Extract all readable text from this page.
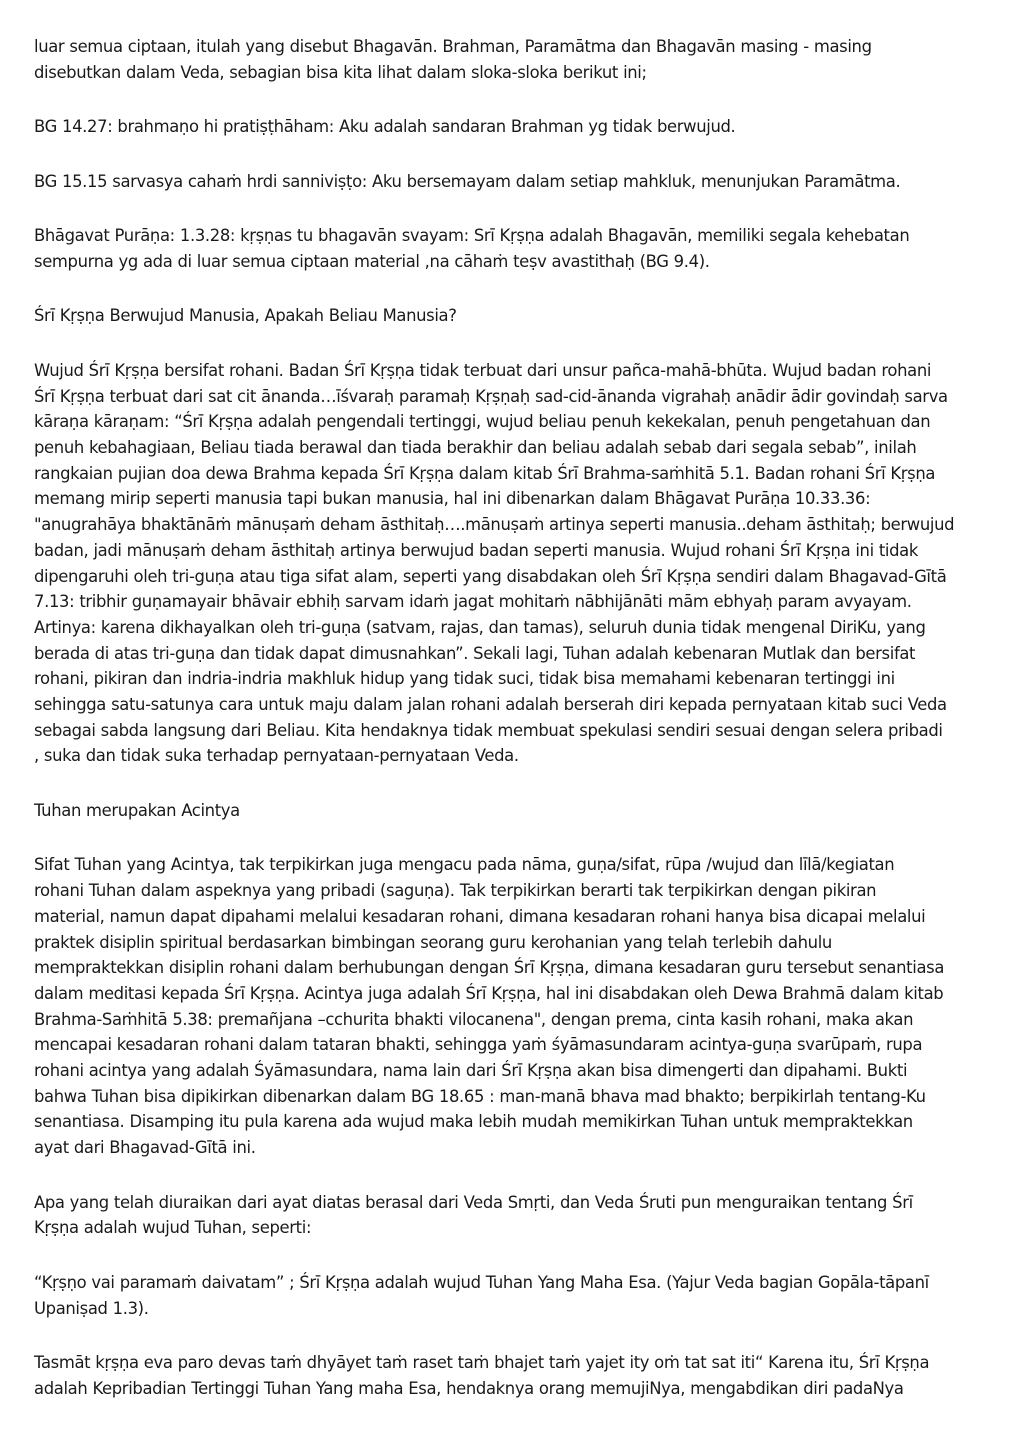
luar semua ciptaan, itulah yang disebut Bhagavān. Brahman, Paramātma dan Bhagavān masing - masing
disebutkan dalam Veda, sebagian bisa kita lihat dalam sloka-sloka berikut ini;

BG 14.27: brahmaṇo hi pratiṣṭhāham: Aku adalah sandaran Brahman yg tidak berwujud.

BG 15.15 sarvasya cahaṁ hrdi sanniviṣṭo: Aku bersemayam dalam setiap mahkluk, menunjukan Paramātma.

Bhāgavat Purāṇa: 1.3.28: kṛṣṇas tu bhagavān svayam: Srī Kṛṣṇa adalah Bhagavān, memiliki segala kehebatan
sempurna yg ada di luar semua ciptaan material ,na cāhaṁ teṣv avastithaḥ (BG 9.4).

Śrī Kṛṣṇa Berwujud Manusia, Apakah Beliau Manusia?

Wujud Śrī Kṛṣṇa bersifat rohani. Badan Śrī Kṛṣṇa tidak terbuat dari unsur pañca-mahā-bhūta. Wujud badan rohani
Śrī Kṛṣṇa terbuat dari sat cit ānanda…īśvaraḥ paramaḥ Kṛṣṇaḥ sad-cid-ānanda vigrahaḥ anādir ādir govindaḥ sarva
kāraṇa kāraṇam: “Śrī Kṛṣṇa adalah pengendali tertinggi, wujud beliau penuh kekekalan, penuh pengetahuan dan
penuh kebahagiaan, Beliau tiada berawal dan tiada berakhir dan beliau adalah sebab dari segala sebab”, inilah
rangkaian pujian doa dewa Brahma kepada Śrī Kṛṣṇa dalam kitab Śrī Brahma-saṁhitā 5.1. Badan rohani Śrī Kṛṣṇa
memang mirip seperti manusia tapi bukan manusia, hal ini dibenarkan dalam Bhāgavat Purāṇa 10.33.36:
"anugrahāya bhaktānāṁ mānuṣaṁ deham āsthitaḥ….mānuṣaṁ artinya seperti manusia..deham āsthitaḥ; berwujud
badan, jadi mānuṣaṁ deham āsthitaḥ artinya berwujud badan seperti manusia. Wujud rohani Śrī Kṛṣṇa ini tidak
dipengaruhi oleh tri-guṇa atau tiga sifat alam, seperti yang disabdakan oleh Śrī Kṛṣṇa sendiri dalam Bhagavad-Gītā
7.13: tribhir guṇamayair bhāvair ebhiḥ sarvam idaṁ jagat mohitaṁ nābhijānāti mām ebhyaḥ param avyayam.
Artinya: karena dikhayalkan oleh tri-guṇa (satvam, rajas, dan tamas), seluruh dunia tidak mengenal DiriKu, yang
berada di atas tri-guṇa dan tidak dapat dimusnahkan”. Sekali lagi, Tuhan adalah kebenaran Mutlak dan bersifat
rohani, pikiran dan indria-indria makhluk hidup yang tidak suci, tidak bisa memahami kebenaran tertinggi ini
sehingga satu-satunya cara untuk maju dalam jalan rohani adalah berserah diri kepada pernyataan kitab suci Veda
sebagai sabda langsung dari Beliau. Kita hendaknya tidak membuat spekulasi sendiri sesuai dengan selera pribadi
, suka dan tidak suka terhadap pernyataan-pernyataan Veda.

Tuhan merupakan Acintya

Sifat Tuhan yang Acintya, tak terpikirkan juga mengacu pada nāma, guṇa/sifat, rūpa /wujud dan līlā/kegiatan
rohani Tuhan dalam aspeknya yang pribadi (saguṇa). Tak terpikirkan berarti tak terpikirkan dengan pikiran
material, namun dapat dipahami melalui kesadaran rohani, dimana kesadaran rohani hanya bisa dicapai melalui
praktek disiplin spiritual berdasarkan bimbingan seorang guru kerohanian yang telah terlebih dahulu
mempraktekkan disiplin rohani dalam berhubungan dengan Śrī Kṛṣṇa, dimana kesadaran guru tersebut senantiasa
dalam meditasi kepada Śrī Kṛṣṇa. Acintya juga adalah Śrī Kṛṣṇa, hal ini disabdakan oleh Dewa Brahmā dalam kitab
Brahma-Saṁhitā 5.38: premañjana –cchurita bhakti vilocanena", dengan prema, cinta kasih rohani, maka akan
mencapai kesadaran rohani dalam tataran bhakti, sehingga yaṁ śyāmasundaram acintya-guṇa svarūpaṁ, rupa
rohani acintya yang adalah Śyāmasundara, nama lain dari Śrī Kṛṣṇa akan bisa dimengerti dan dipahami. Bukti
bahwa Tuhan bisa dipikirkan dibenarkan dalam BG 18.65 : man-manā bhava mad bhakto; berpikirlah tentang-Ku
senantiasa. Disamping itu pula karena ada wujud maka lebih mudah memikirkan Tuhan untuk mempraktekkan
ayat dari Bhagavad-Gītā ini.

Apa yang telah diuraikan dari ayat diatas berasal dari Veda Smṛti, dan Veda Śruti pun menguraikan tentang Śrī
Kṛṣṇa adalah wujud Tuhan, seperti:

“Kṛṣṇo vai paramaṁ daivatam” ; Śrī Kṛṣṇa adalah wujud Tuhan Yang Maha Esa. (Yajur Veda bagian Gopāla-tāpanī
Upaniṣad 1.3).

Tasmāt kṛṣṇa eva paro devas taṁ dhyāyet taṁ raset taṁ bhajet taṁ yajet ity oṁ tat sat iti“ Karena itu, Śrī Kṛṣṇa
adalah Kepribadian Tertinggi Tuhan Yang maha Esa, hendaknya orang memujiNya, mengabdikan diri padaNya
